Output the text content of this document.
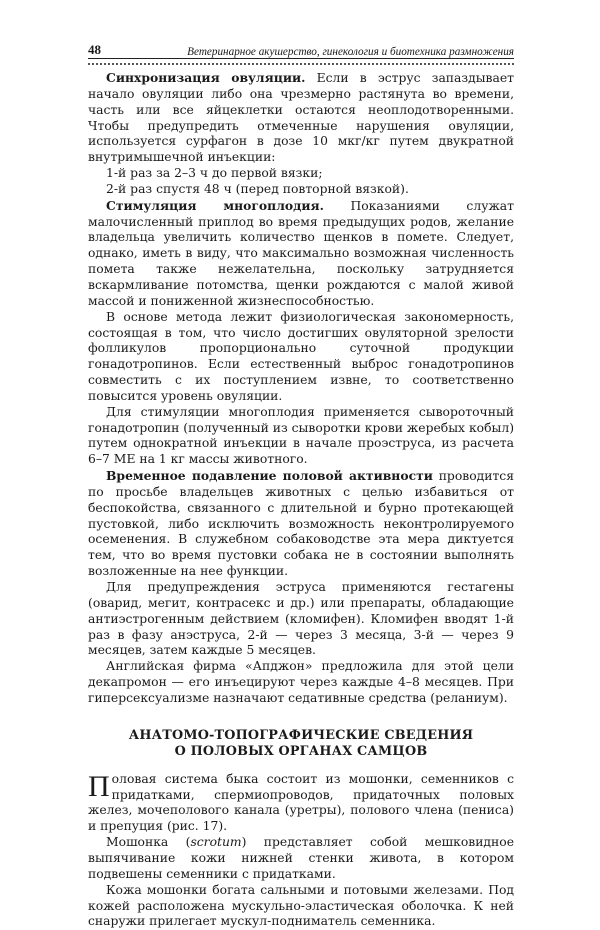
48	Ветеринарное акушерство, гинекология и биотехника размножения

Синхронизация овуляции. Если в эструс запаздывает начало овуляции либо она чрезмерно растянута во времени, часть или все яйцеклетки остаются неоплодотворенными. Чтобы предупредить отмеченные нарушения овуляции, используется сурфагон в дозе 10 мкг/кг путем двукратной внутримышечной инъекции:

1-й раз за 2–3 ч до первой вязки;

2-й раз спустя 48 ч (перед повторной вязкой).

Стимуляция многоплодия. Показаниями служат малочисленный приплод во время предыдущих родов, желание владельца увеличить количество щенков в помете. Следует, однако, иметь в виду, что максимально возможная численность помета также нежелательна, поскольку затрудняется вскармливание потомства, щенки рождаются с малой живой массой и пониженной жизнеспособностью.

В основе метода лежит физиологическая закономерность, состоящая в том, что число достигших овуляторной зрелости фолликулов пропорционально суточной продукции гонадотропинов. Если естественный выброс гонадотропинов совместить с их поступлением извне, то соответственно повысится уровень овуляции.

Для стимуляции многоплодия применяется сывороточный гонадотропин (полученный из сыворотки крови жеребых кобыл) путем однократной инъекции в начале проэструса, из расчета 6–7 МЕ на 1 кг массы животного.

Временное подавление половой активности проводится по просьбе владельцев животных с целью избавиться от беспокойства, связанного с длительной и бурно протекающей пустовкой, либо исключить возможность неконтролируемого осеменения. В служебном собаководстве эта мера диктуется тем, что во время пустовки собака не в состоянии выполнять возложенные на нее функции.

Для предупреждения эструса применяются гестагены (оварид, мегит, контрасекс и др.) или препараты, обладающие антиэстрогенным действием (кломифен). Кломифен вводят 1-й раз в фазу анэструса, 2-й — через 3 месяца, 3-й — через 9 месяцев, затем каждые 5 месяцев.

Английская фирма «Апджон» предложила для этой цели декапромон — его инъецируют через каждые 4–8 месяцев. При гиперсексуализме назначают седативные средства (реланиум).

АНАТОМО-ТОПОГРАФИЧЕСКИЕ СВЕДЕНИЯ
О ПОЛОВЫХ ОРГАНАХ САМЦОВ

Половая система быка состоит из мошонки, семенников с придатками, спермиопроводов, придаточных половых желез, мочеполового канала (уретры), полового члена (пениса) и препуция (рис. 17).

Мошонка (scrotum) представляет собой мешковидное выпячивание кожи нижней стенки живота, в котором подвешены семенники с придатками.

Кожа мошонки богата сальными и потовыми железами. Под кожей расположена мускульно-эластическая оболочка. К ней снаружи прилегает мускул-подниматель семенника.
